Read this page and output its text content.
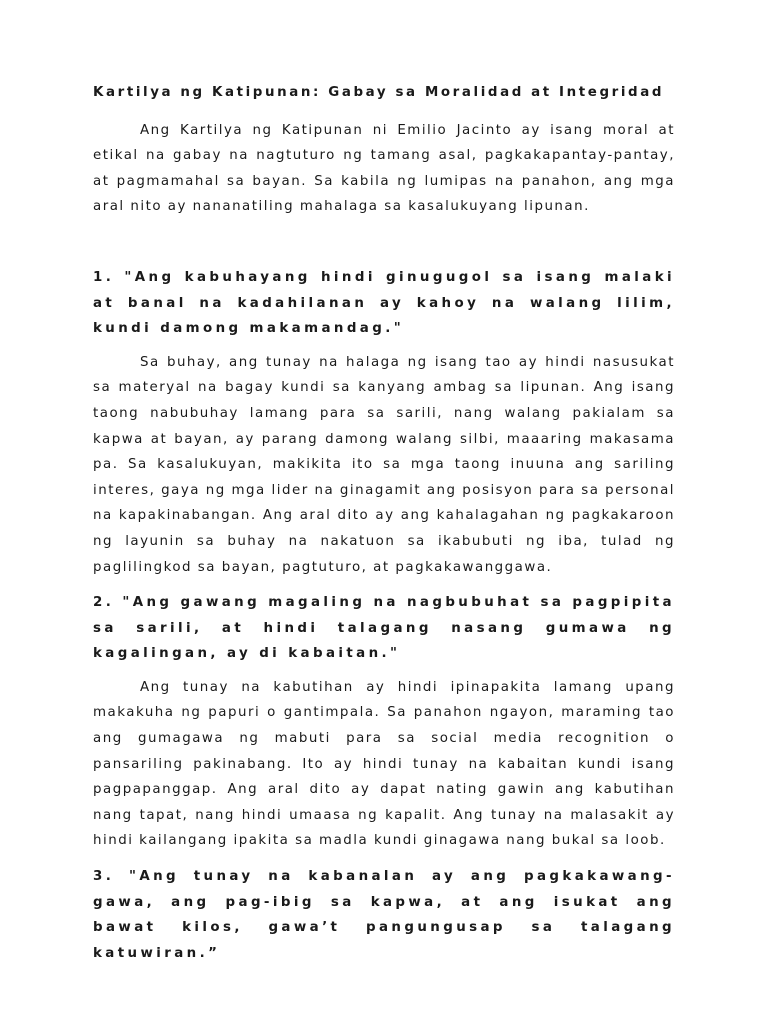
Kartilya ng Katipunan: Gabay sa Moralidad at Integridad

Ang Kartilya ng Katipunan ni Emilio Jacinto ay isang moral at etikal na gabay na nagtuturo ng tamang asal, pagkakapantay-pantay, at pagmamahal sa bayan. Sa kabila ng lumipas na panahon, ang mga aral nito ay nananatiling mahalaga sa kasalukuyang lipunan.

1. "Ang kabuhayang hindi ginugugol sa isang malaki at banal na kadahilanan ay kahoy na walang lilim, kundi damong makamandag."

Sa buhay, ang tunay na halaga ng isang tao ay hindi nasusukat sa materyal na bagay kundi sa kanyang ambag sa lipunan. Ang isang taong nabubuhay lamang para sa sarili, nang walang pakialam sa kapwa at bayan, ay parang damong walang silbi, maaaring makasama pa. Sa kasalukuyan, makikita ito sa mga taong inuuna ang sariling interes, gaya ng mga lider na ginagamit ang posisyon para sa personal na kapakinabangan. Ang aral dito ay ang kahalagahan ng pagkakaroon ng layunin sa buhay na nakatuon sa ikabubuti ng iba, tulad ng paglilingkod sa bayan, pagtuturo, at pagkakawanggawa.

2. "Ang gawang magaling na nagbubuhat sa pagpipita sa sarili, at hindi talagang nasang gumawa ng kagalingan, ay di kabaitan."

Ang tunay na kabutihan ay hindi ipinapakita lamang upang makakuha ng papuri o gantimpala. Sa panahon ngayon, maraming tao ang gumagawa ng mabuti para sa social media recognition o pansariling pakinabang. Ito ay hindi tunay na kabaitan kundi isang pagpapanggap. Ang aral dito ay dapat nating gawin ang kabutihan nang tapat, nang hindi umaasa ng kapalit. Ang tunay na malasakit ay hindi kailangang ipakita sa madla kundi ginagawa nang bukal sa loob.

3. "Ang tunay na kabanalan ay ang pagkakawang-gawa, ang pag-ibig sa kapwa, at ang isukat ang bawat kilos, gawa’t pangungusap sa talagang katuwiran.”
